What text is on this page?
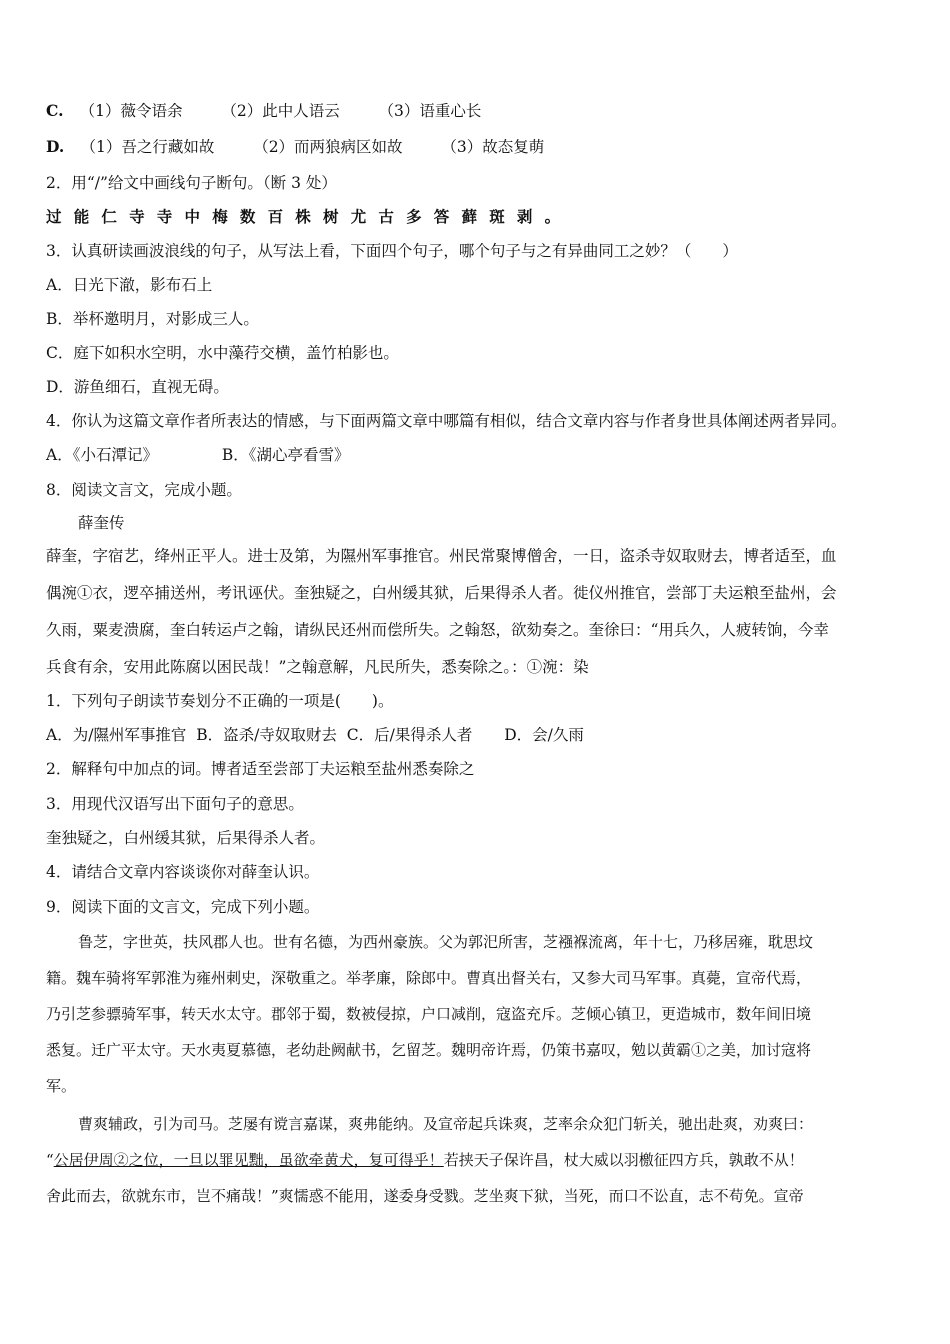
C. （1）薇令语余	（2）此中人语云	（3）语重心长
D. （1）吾之行藏如故	（2）而两狼病区如故	（3）故态复萌
2．用“/”给文中画线句子断句。（断 3 处）
过能仁寺寺中梅数百株树尤古多答藓斑剥。
3．认真研读画波浪线的句子，从写法上看，下面四个句子，哪个句子与之有异曲同工之妙？（　　）
A．日光下澈，影布石上
B．举杯邀明月，对影成三人。
C．庭下如积水空明，水中藻荇交横，盖竹柏影也。
D．游鱼细石，直视无碍。
4．你认为这篇文章作者所表达的情感，与下面两篇文章中哪篇有相似，结合文章内容与作者身世具体阐述两者异同。
A．《小石潭记》	B．《湖心亭看雪》
8．阅读文言文，完成小题。
薛奎传
薛奎，字宿艺，绛州正平人。进士及第，为隰州军事推官。州民常聚博僧舍，一日，盗杀寺奴取财去，博者适至，血
偶涴①衣，逻卒捕送州，考讯诬伏。奎独疑之，白州缓其狱，后果得杀人者。徙仪州推官，尝部丁夫运粮至盐州，会
久雨，粟麦溃腐，奎白转运卢之翰，请纵民还州而偿所失。之翰怒，欲劾奏之。奎徐曰：“用兵久，人疲转饷，今幸
兵食有余，安用此陈腐以困民哉！”之翰意解，凡民所失，悉奏除之。：①涴：染
1．下列句子朗读节奏划分不正确的一项是(　　)。
A．为/隰州军事推官 B．盗杀/寺奴取财去 C．后/果得杀人者 D．会/久雨
2．解释句中加点的词。博者适至尝部丁夫运粮至盐州悉奏除之
3．用现代汉语写出下面句子的意思。
奎独疑之，白州缓其狱，后果得杀人者。
4．请结合文章内容谈谈你对薛奎认识。
9．阅读下面的文言文，完成下列小题。
鲁芝，字世英，扶风郡人也。世有名德，为西州豪族。父为郭汜所害，芝襁褓流离，年十七，乃移居雍，耽思坟
籍。魏车骑将军郭淮为雍州刺史，深敬重之。举孝廉，除郎中。曹真出督关右，又参大司马军事。真薨，宣帝代焉，
乃引芝参骠骑军事，转天水太守。郡邻于蜀，数被侵掠，户口减削，寇盗充斥。芝倾心镇卫，更造城市，数年间旧境
悉复。迁广平太守。天水夷夏慕德，老幼赴阙献书，乞留芝。魏明帝许焉，仍策书嘉叹，勉以黄霸①之美，加讨寇将
军。
曹爽辅政，引为司马。芝屡有谠言嘉谋，爽弗能纳。及宣帝起兵诛爽，芝率余众犯门斩关，驰出赴爽，劝爽曰：
“公居伊周②之位，一旦以罪见黜，虽欲牵黄犬，复可得乎！若挟天子保许昌，杖大威以羽檄征四方兵，孰敢不从！
舍此而去，欲就东市，岂不痛哉！”爽懦惑不能用，遂委身受戮。芝坐爽下狱，当死，而口不讼直，志不苟免。宣帝
